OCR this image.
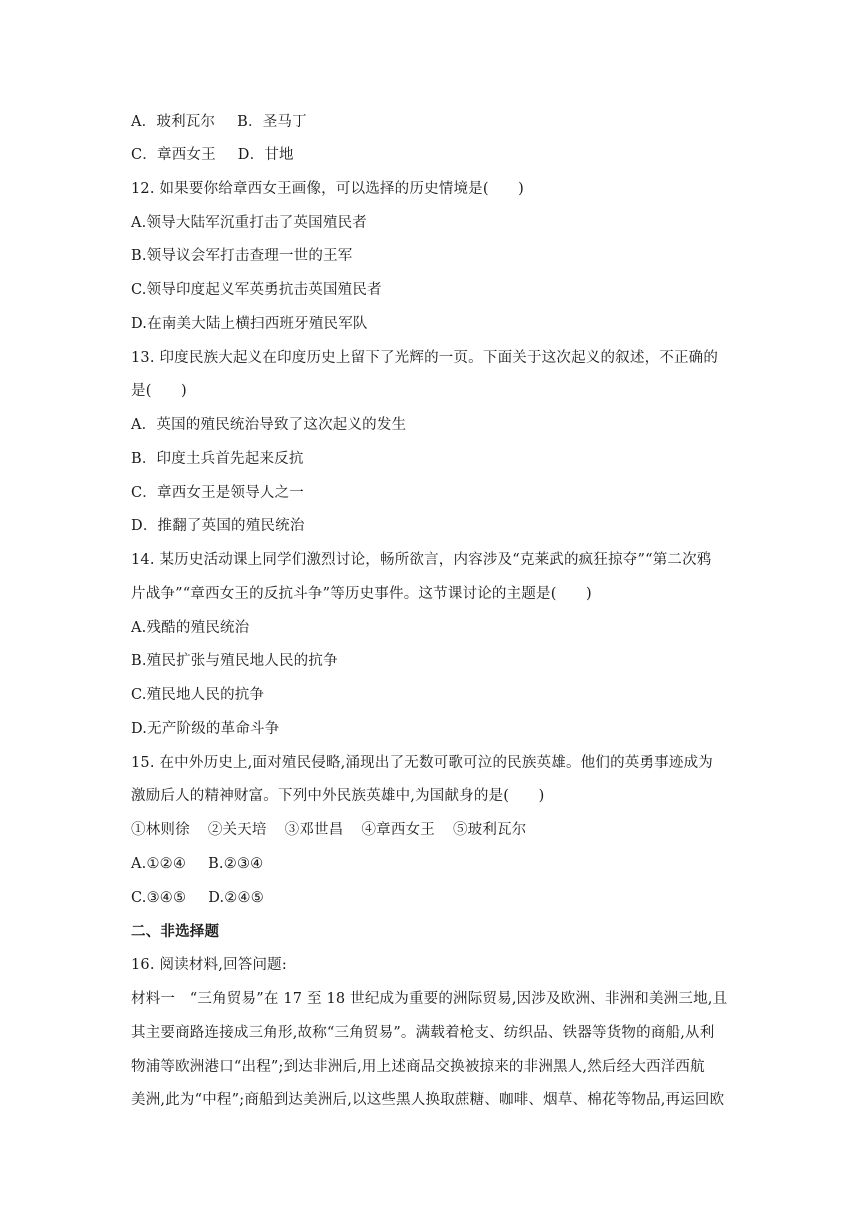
A．玻利瓦尔 B．圣马丁
C．章西女王 D．甘地
12. 如果要你给章西女王画像，可以选择的历史情境是(　　)
A.领导大陆军沉重打击了英国殖民者
B.领导议会军打击查理一世的王军
C.领导印度起义军英勇抗击英国殖民者
D.在南美大陆上横扫西班牙殖民军队
13. 印度民族大起义在印度历史上留下了光辉的一页。下面关于这次起义的叙述，不正确的
是(　　)
A．英国的殖民统治导致了这次起义的发生
B．印度土兵首先起来反抗
C．章西女王是领导人之一
D．推翻了英国的殖民统治
14. 某历史活动课上同学们激烈讨论，畅所欲言，内容涉及“克莱武的疯狂掠夺”“第二次鸦
片战争”“章西女王的反抗斗争”等历史事件。这节课讨论的主题是(　　)
A.残酷的殖民统治
B.殖民扩张与殖民地人民的抗争
C.殖民地人民的抗争
D.无产阶级的革命斗争
15. 在中外历史上,面对殖民侵略,涌现出了无数可歌可泣的民族英雄。他们的英勇事迹成为
激励后人的精神财富。下列中外民族英雄中,为国献身的是(　　)
①林则徐 ②关天培 ③邓世昌 ④章西女王 ⑤玻利瓦尔
A.①②④ B.②③④
C.③④⑤ D.②④⑤
二、非选择题
16. 阅读材料,回答问题:
材料一　“三角贸易”在 17 至 18 世纪成为重要的洲际贸易,因涉及欧洲、非洲和美洲三地,且
其主要商路连接成三角形,故称“三角贸易”。满载着枪支、纺织品、铁器等货物的商船,从利
物浦等欧洲港口“出程”;到达非洲后,用上述商品交换被掠来的非洲黑人,然后经大西洋西航
美洲,此为“中程”;商船到达美洲后,以这些黑人换取蔗糖、咖啡、烟草、棉花等物品,再运回欧
